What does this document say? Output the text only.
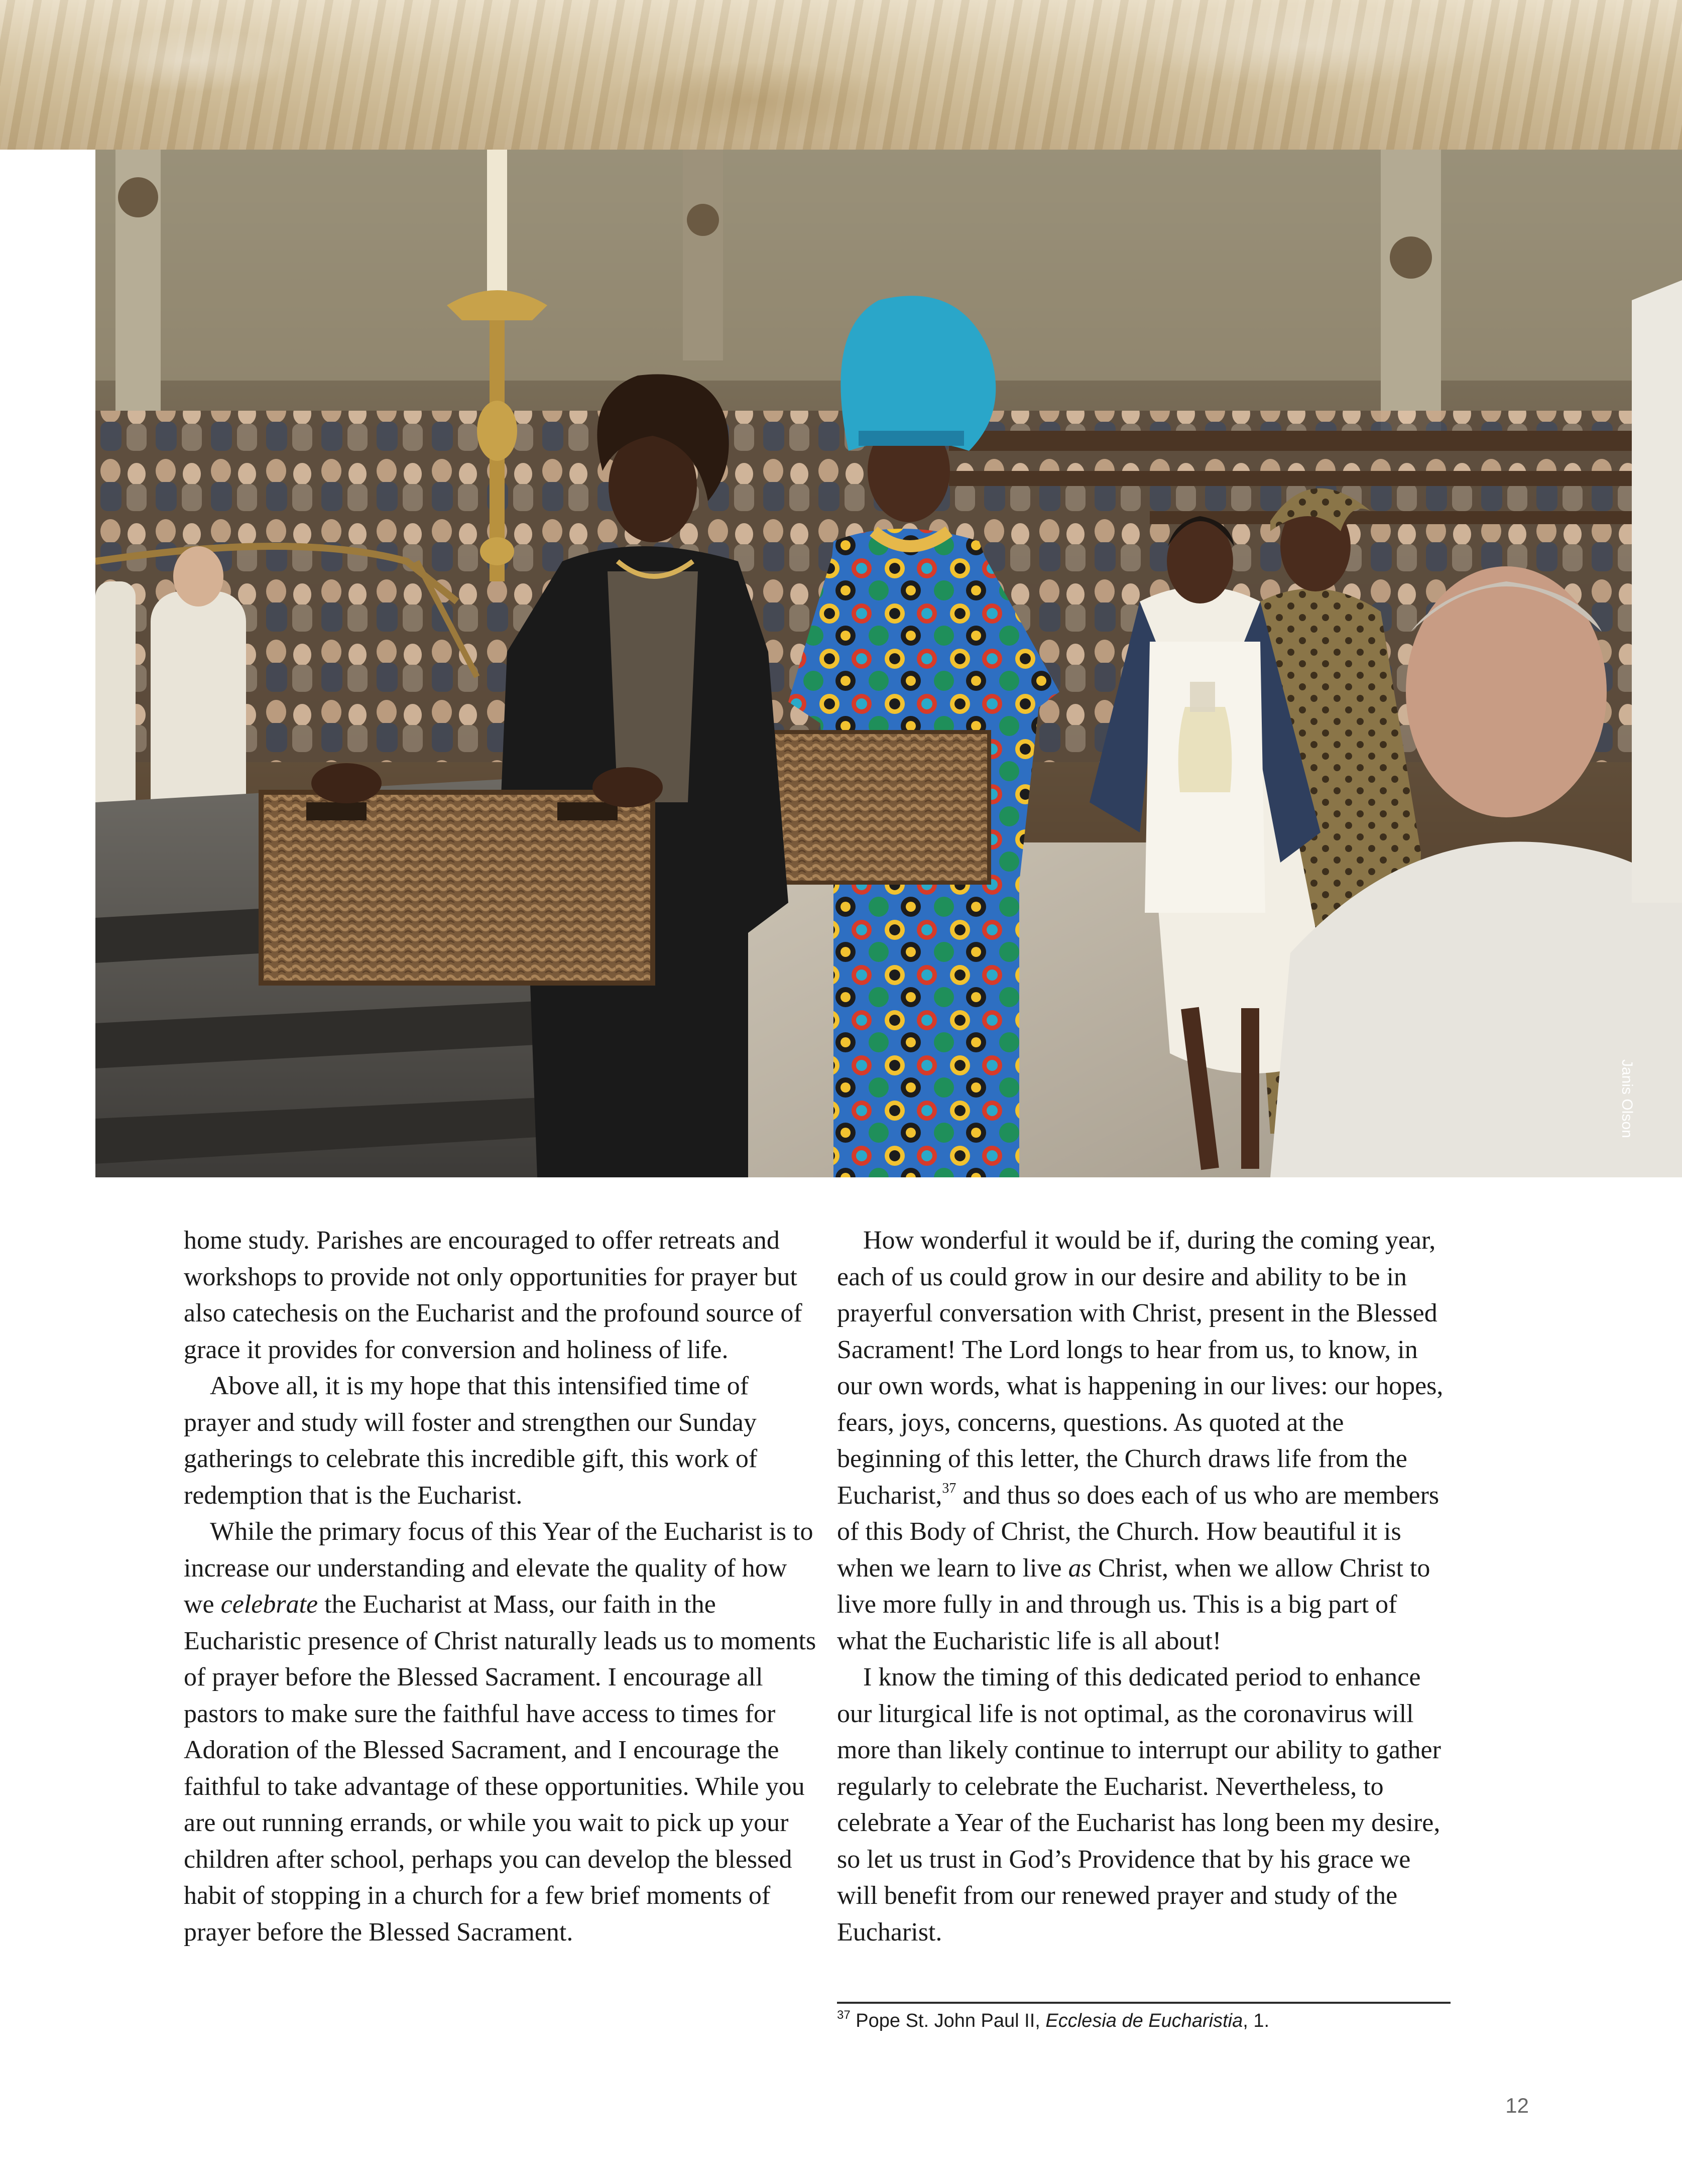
Janis Olson

home study. Parishes are encouraged to offer retreats and workshops to provide not only opportunities for prayer but also catechesis on the Eucharist and the profound source of grace it provides for conversion and holiness of life.

Above all, it is my hope that this intensified time of prayer and study will foster and strengthen our Sunday gatherings to celebrate this incredible gift, this work of redemption that is the Eucharist.

While the primary focus of this Year of the Eucharist is to increase our understanding and elevate the quality of how we celebrate the Eucharist at Mass, our faith in the Eucharistic presence of Christ naturally leads us to moments of prayer before the Blessed Sacrament. I encourage all pastors to make sure the faithful have access to times for Adoration of the Blessed Sacrament, and I encourage the faithful to take advantage of these opportunities. While you are out running errands, or while you wait to pick up your children after school, perhaps you can develop the blessed habit of stopping in a church for a few brief moments of prayer before the Blessed Sacrament.

How wonderful it would be if, during the coming year, each of us could grow in our desire and ability to be in prayerful conversation with Christ, present in the Blessed Sacrament! The Lord longs to hear from us, to know, in our own words, what is happening in our lives: our hopes, fears, joys, concerns, questions. As quoted at the beginning of this letter, the Church draws life from the Eucharist,$^{37}$ and thus so does each of us who are members of this Body of Christ, the Church. How beautiful it is when we learn to live as Christ, when we allow Christ to live more fully in and through us. This is a big part of what the Eucharistic life is all about!

I know the timing of this dedicated period to enhance our liturgical life is not optimal, as the coronavirus will more than likely continue to interrupt our ability to gather regularly to celebrate the Eucharist. Nevertheless, to celebrate a Year of the Eucharist has long been my desire, so let us trust in God’s Providence that by his grace we will benefit from our renewed prayer and study of the Eucharist.

$^{37}$ Pope St. John Paul II, Ecclesia de Eucharistia, 1.
12
